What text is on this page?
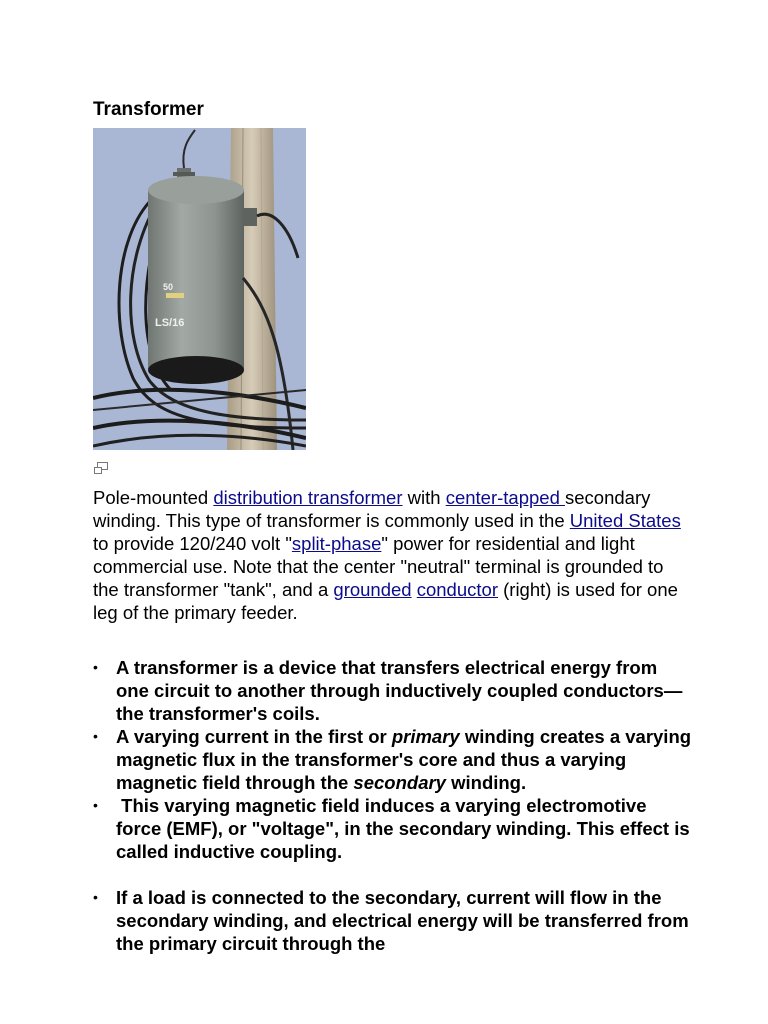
Transformer
50
LS/16

Pole-mounted distribution transformer with center-tapped secondary winding. This type of transformer is commonly used in the United States to provide 120/240 volt "split-phase" power for residential and light commercial use. Note that the center "neutral" terminal is grounded to the transformer "tank", and a grounded conductor (right) is used for one leg of the primary feeder.

• A transformer is a device that transfers electrical energy from one circuit to another through inductively coupled conductors—the transformer's coils.
• A varying current in the first or primary winding creates a varying magnetic flux in the transformer's core and thus a varying magnetic field through the secondary winding.
•  This varying magnetic field induces a varying electromotive force (EMF), or "voltage", in the secondary winding. This effect is called inductive coupling.
• If a load is connected to the secondary, current will flow in the secondary winding, and electrical energy will be transferred from the primary circuit through the
